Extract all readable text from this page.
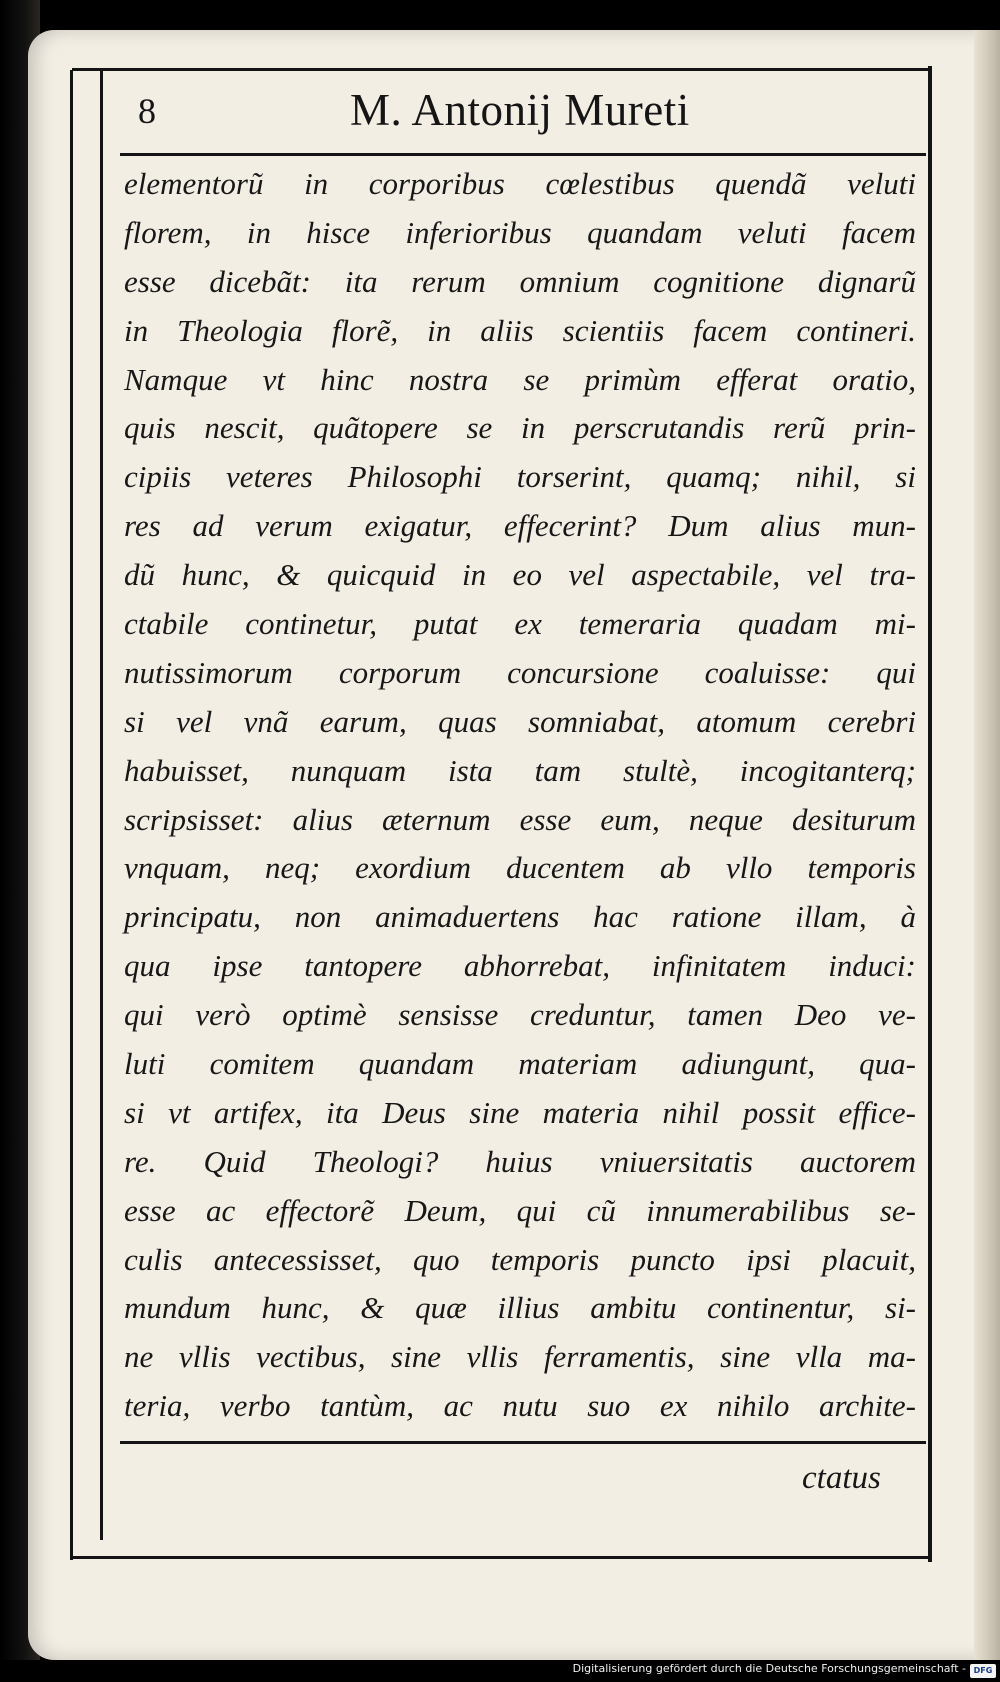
8	M. Antonij Mureti
elementorũ in corporibus cœlestibus quendã veluti
florem, in hisce inferioribus quandam veluti facem
esse dicebãt: ita rerum omnium cognitione dignarũ
in Theologia florẽ, in aliis scientiis facem contineri.
Namque vt hinc nostra se primùm efferat oratio,
quis nescit, quãtopere se in perscrutandis rerũ prin-
cipiis veteres Philosophi torserint, quamq; nihil, si
res ad verum exigatur, effecerint? Dum alius mun-
dũ hunc, & quicquid in eo vel aspectabile, vel tra-
ctabile continetur, putat ex temeraria quadam mi-
nutissimorum corporum concursione coaluisse: qui
si vel vnã earum, quas somniabat, atomum cerebri
habuisset, nunquam ista tam stultè, incogitanterq;
scripsisset: alius æternum esse eum, neque desiturum
vnquam, neq; exordium ducentem ab vllo temporis
principatu, non animaduertens hac ratione illam, à
qua ipse tantopere abhorrebat, infinitatem induci:
qui verò optimè sensisse creduntur, tamen Deo ve-
luti comitem quandam materiam adiungunt, qua-
si vt artifex, ita Deus sine materia nihil possit effice-
re. Quid Theologi? huius vniuersitatis auctorem
esse ac effectorẽ Deum, qui cũ innumerabilibus se-
culis antecessisset, quo temporis puncto ipsi placuit,
mundum hunc, & quæ illius ambitu continentur, si-
ne vllis vectibus, sine vllis ferramentis, sine vlla ma-
teria, verbo tantùm, ac nutu suo ex nihilo archite-
ctatus
Digitalisierung gefördert durch die Deutsche Forschungsgemeinschaft - DFG
